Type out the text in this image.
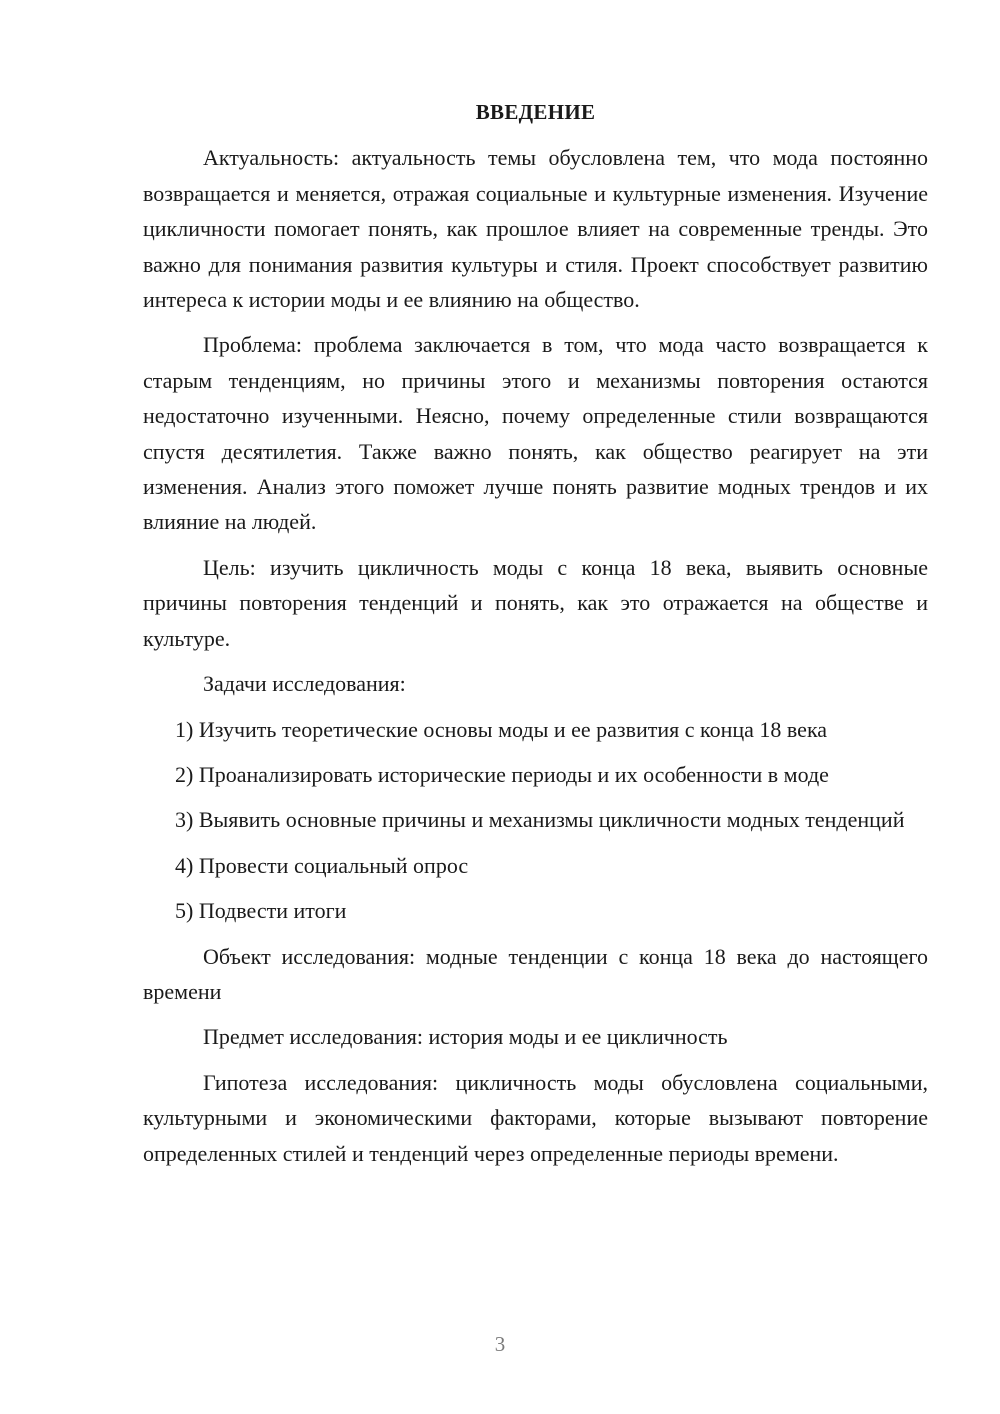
ВВЕДЕНИЕ

Актуальность: актуальность темы обусловлена тем, что мода постоянно возвращается и меняется, отражая социальные и культурные изменения. Изучение цикличности помогает понять, как прошлое влияет на современные тренды. Это важно для понимания развития культуры и стиля. Проект способствует развитию интереса к истории моды и ее влиянию на общество.

Проблема: проблема заключается в том, что мода часто возвращается к старым тенденциям, но причины этого и механизмы повторения остаются недостаточно изученными. Неясно, почему определенные стили возвращаются спустя десятилетия. Также важно понять, как общество реагирует на эти изменения. Анализ этого поможет лучше понять развитие модных трендов и их влияние на людей.

Цель: изучить цикличность моды с конца 18 века, выявить основные причины повторения тенденций и понять, как это отражается на обществе и культуре.

Задачи исследования:

1) Изучить теоретические основы моды и ее развития с конца 18 века

2) Проанализировать исторические периоды и их особенности в моде

3) Выявить основные причины и механизмы цикличности модных тенденций

4) Провести социальный опрос

5) Подвести итоги

Объект исследования: модные тенденции с конца 18 века до настоящего времени

Предмет исследования: история моды и ее цикличность

Гипотеза исследования: цикличность моды обусловлена социальными, культурными и экономическими факторами, которые вызывают повторение определенных стилей и тенденций через определенные периоды времени.

3
